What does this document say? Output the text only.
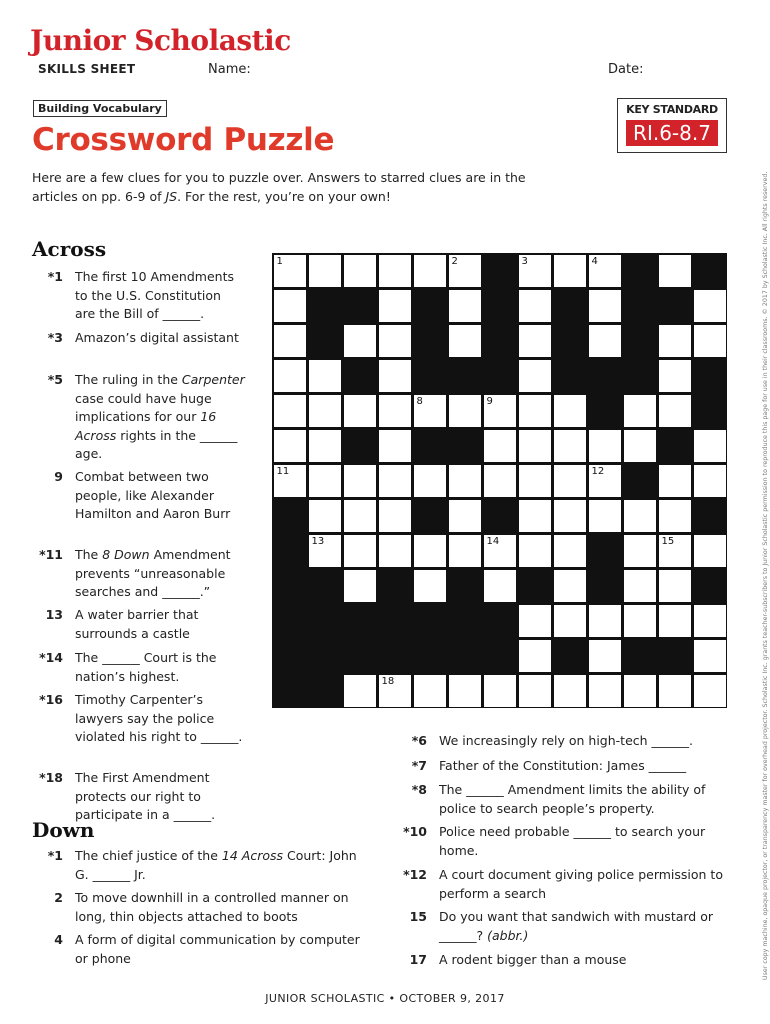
Junior Scholastic
SKILLS SHEET	Name:	Date:
Building Vocabulary
Crossword Puzzle
KEY STANDARD
RI.6-8.7
Here are a few clues for you to puzzle over. Answers to starred clues are in the articles on pp. 6-9 of JS. For the rest, you’re on your own!
Across
Down
*1 The first 10 Amendments to the U.S. Constitution are the Bill of ______.
*3 Amazon’s digital assistant
*5 The ruling in the Carpenter case could have huge implications for our 16 Across rights in the ______ age.
9 Combat between two people, like Alexander Hamilton and Aaron Burr
*11 The 8 Down Amendment prevents “unreasonable searches and ______.”
13 A water barrier that surrounds a castle
*14 The ______ Court is the nation’s highest.
*16 Timothy Carpenter’s lawyers say the police violated his right to ______.
*18 The First Amendment protects our right to participate in a ______.
*1 The chief justice of the 14 Across Court: John G. ______ Jr.
2 To move downhill in a controlled manner on long, thin objects attached to boots
4 A form of digital communication by computer or phone
*6 We increasingly rely on high-tech ______.
*7 Father of the Constitution: James ______
*8 The ______ Amendment limits the ability of police to search people’s property.
*10 Police need probable ______ to search your home.
*12 A court document giving police permission to perform a search
15 Do you want that sandwich with mustard or ______? (abbr.)
17 A rodent bigger than a mouse
1	2	3	4
8	9
11	12
13	14	15
18
JUNIOR SCHOLASTIC • OCTOBER 9, 2017
User copy machine, opaque projector, or transparency master for overhead projector. Scholastic Inc. grants teacher-subscribers to Junior Scholastic permission to reproduce this page for use in their classrooms. © 2017 by Scholastic Inc. All rights reserved.
